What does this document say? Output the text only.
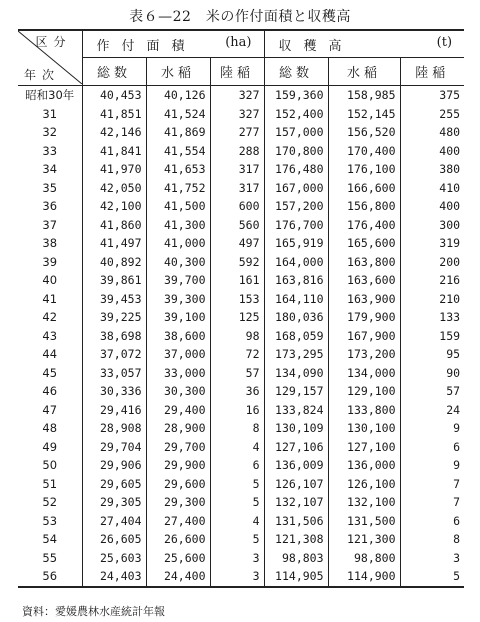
表６—22　米の作付面積と収穫高
区分
年次	作付面積 (ha)			収穫高 (t)		

	総数	水稲	陸稲	総数	水稲	陸稲
昭和30年	40,453	40,126	327	159,360	158,985	375
31	41,851	41,524	327	152,400	152,145	255
32	42,146	41,869	277	157,000	156,520	480
33	41,841	41,554	288	170,800	170,400	400
34	41,970	41,653	317	176,480	176,100	380
35	42,050	41,752	317	167,000	166,600	410
36	42,100	41,500	600	157,200	156,800	400
37	41,860	41,300	560	176,700	176,400	300
38	41,497	41,000	497	165,919	165,600	319
39	40,892	40,300	592	164,000	163,800	200
40	39,861	39,700	161	163,816	163,600	216
41	39,453	39,300	153	164,110	163,900	210
42	39,225	39,100	125	180,036	179,900	133
43	38,698	38,600	98	168,059	167,900	159
44	37,072	37,000	72	173,295	173,200	95
45	33,057	33,000	57	134,090	134,000	90
46	30,336	30,300	36	129,157	129,100	57
47	29,416	29,400	16	133,824	133,800	24
48	28,908	28,900	8	130,109	130,100	9
49	29,704	29,700	4	127,106	127,100	6
50	29,906	29,900	6	136,009	136,000	9
51	29,605	29,600	5	126,107	126,100	7
52	29,305	29,300	5	132,107	132,100	7
53	27,404	27,400	4	131,506	131,500	6
54	26,605	26,600	5	121,308	121,300	8
55	25,603	25,600	3	98,803	98,800	3
56	24,403	24,400	3	114,905	114,900	5
資料：愛媛農林水産統計年報
